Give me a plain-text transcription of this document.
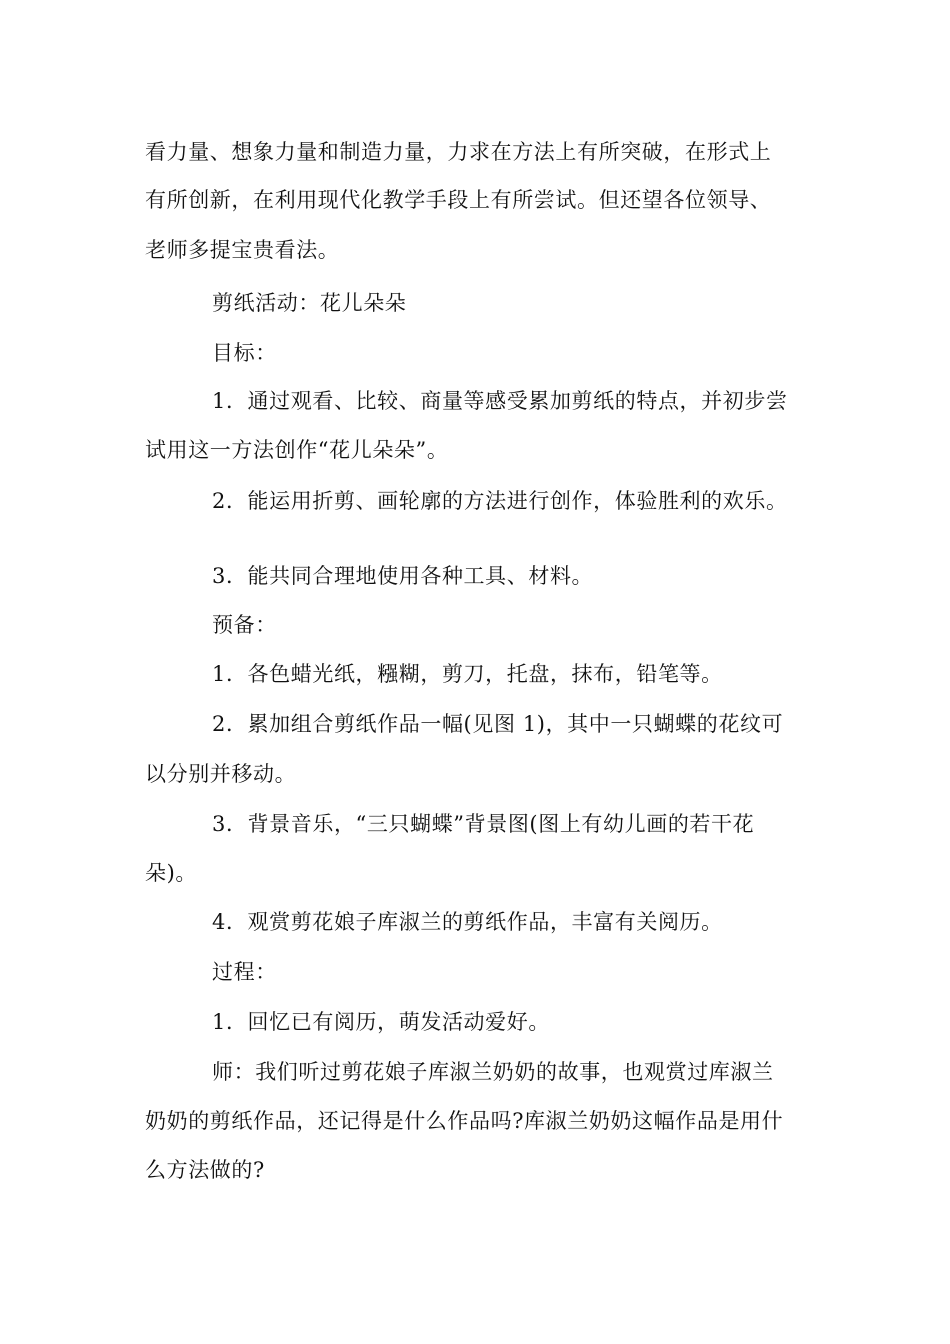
看力量、想象力量和制造力量，力求在方法上有所突破，在形式上
有所创新，在利用现代化教学手段上有所尝试。但还望各位领导、
老师多提宝贵看法。
剪纸活动：花儿朵朵
目标：
1．通过观看、比较、商量等感受累加剪纸的特点，并初步尝
试用这一方法创作“花儿朵朵”。
2．能运用折剪、画轮廓的方法进行创作，体验胜利的欢乐。
3．能共同合理地使用各种工具、材料。
预备：
1．各色蜡光纸，糨糊，剪刀，托盘，抹布，铅笔等。
2．累加组合剪纸作品一幅(见图 1)，其中一只蝴蝶的花纹可
以分别并移动。
3．背景音乐，“三只蝴蝶”背景图(图上有幼儿画的若干花
朵)。
4．观赏剪花娘子库淑兰的剪纸作品，丰富有关阅历。
过程：
1．回忆已有阅历，萌发活动爱好。
师：我们听过剪花娘子库淑兰奶奶的故事，也观赏过库淑兰
奶奶的剪纸作品，还记得是什么作品吗?库淑兰奶奶这幅作品是用什
么方法做的?
